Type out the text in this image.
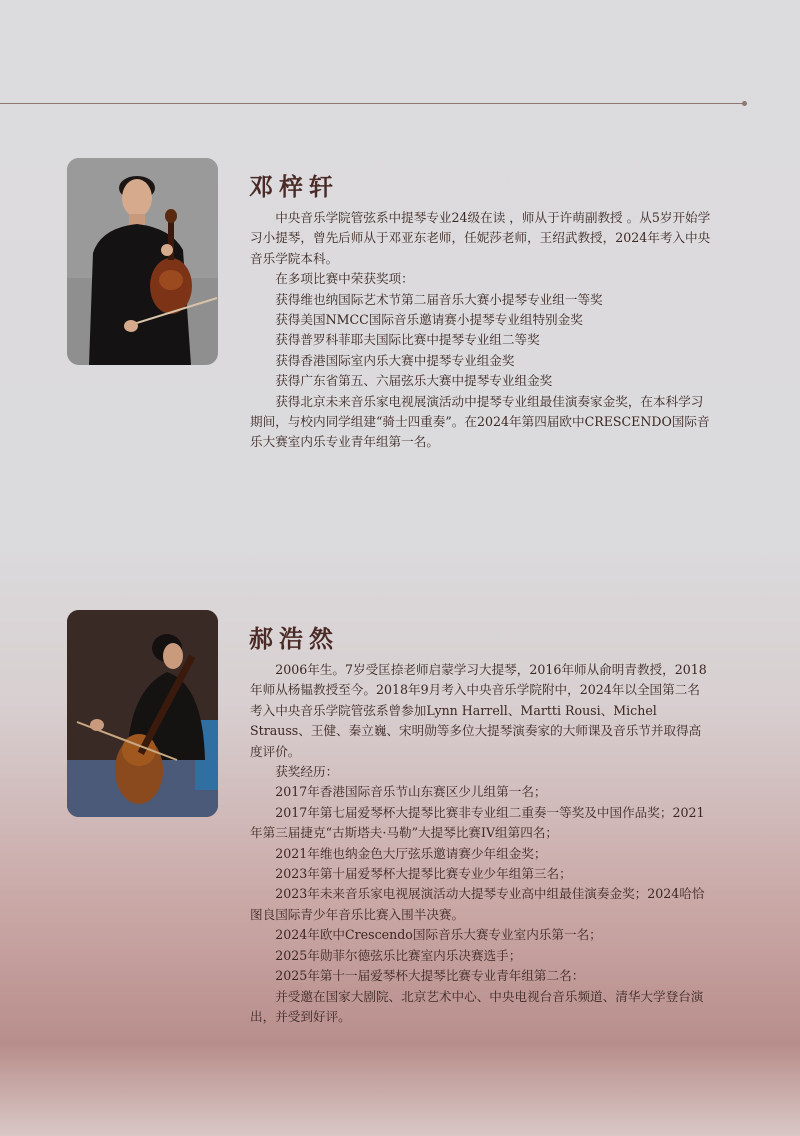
邓梓轩

中央音乐学院管弦系中提琴专业24级在读 ，师从于许萌副教授 。从5岁开始学习小提琴，曾先后师从于邓亚东老师，任妮莎老师，王绍武教授，2024年考入中央音乐学院本科。

在多项比赛中荣获奖项：

获得维也纳国际艺术节第二届音乐大赛小提琴专业组一等奖

获得美国NMCC国际音乐邀请赛小提琴专业组特别金奖

获得普罗科菲耶夫国际比赛中提琴专业组二等奖

获得香港国际室内乐大赛中提琴专业组金奖

获得广东省第五、六届弦乐大赛中提琴专业组金奖

获得北京未来音乐家电视展演活动中提琴专业组最佳演奏家金奖，在本科学习期间，与校内同学组建“骑士四重奏”。在2024年第四届欧中CRESCENDO国际音乐大赛室内乐专业青年组第一名。

郝浩然

2006年生。7岁受匡捺老师启蒙学习大提琴，2016年师从俞明青教授，2018年师从杨韫教授至今。2018年9月考入中央音乐学院附中，2024年以全国第二名考入中央音乐学院管弦系曾参加Lynn Harrell、Martti Rousi、Michel Strauss、王健、秦立巍、宋明勋等多位大提琴演奏家的大师课及音乐节并取得高度评价。

获奖经历：

2017年香港国际音乐节山东赛区少儿组第一名；

2017年第七届爱琴杯大提琴比赛非专业组二重奏一等奖及中国作品奖；2021年第三届捷克“古斯塔夫·马勒”大提琴比赛IV组第四名；

2021年维也纳金色大厅弦乐邀请赛少年组金奖；

2023年第十届爱琴杯大提琴比赛专业少年组第三名；

2023年未来音乐家电视展演活动大提琴专业高中组最佳演奏金奖；2024哈恰图良国际青少年音乐比赛入围半决赛。

2024年欧中Crescendo国际音乐大赛专业室内乐第一名；

2025年勋菲尔德弦乐比赛室内乐决赛选手；

2025年第十一届爱琴杯大提琴比赛专业青年组第二名：

并受邀在国家大剧院、北京艺术中心、中央电视台音乐频道、清华大学登台演出，并受到好评。
